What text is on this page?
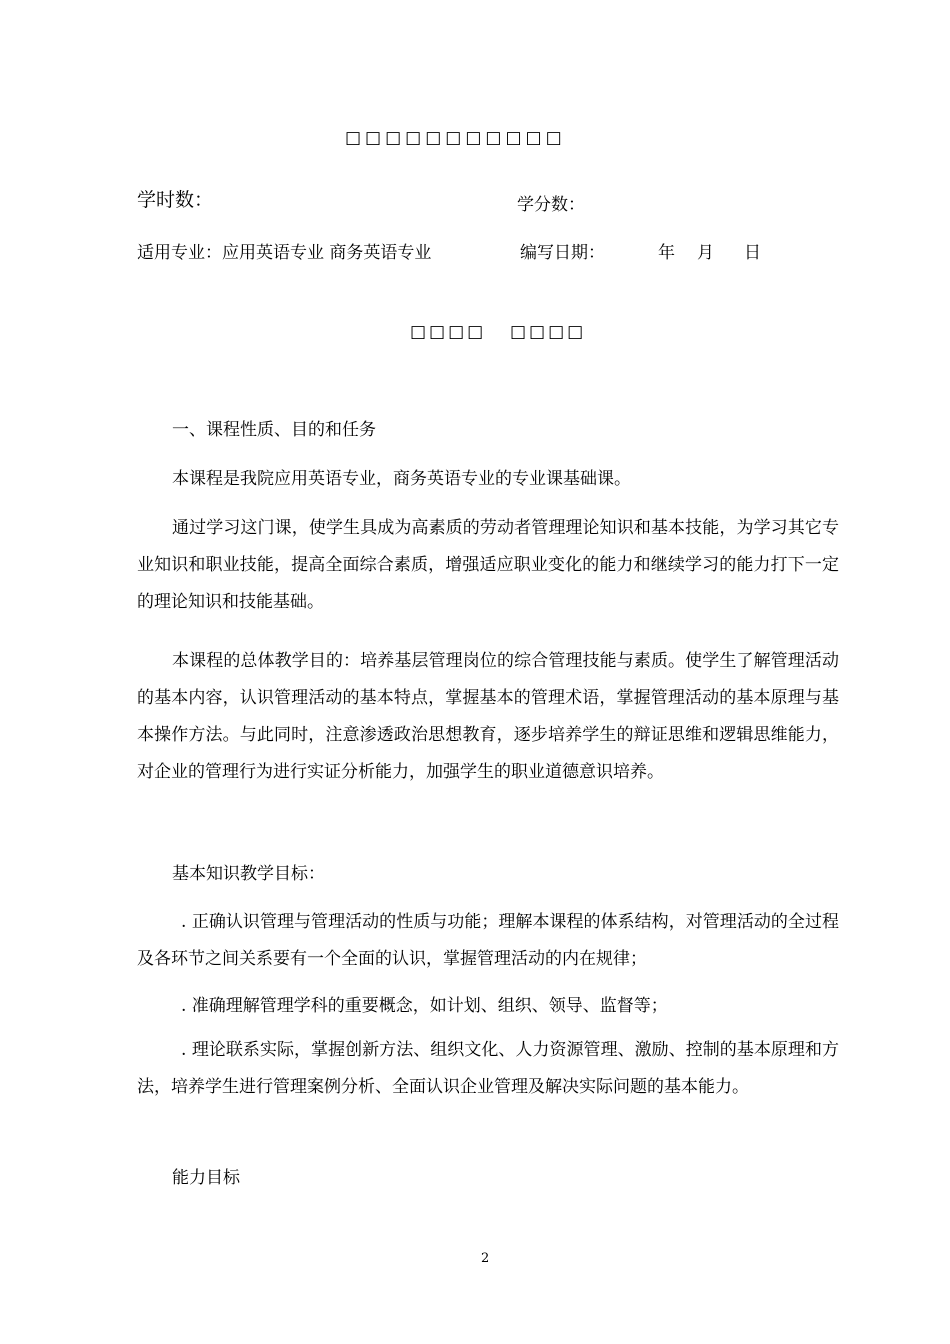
□□□□□□□□□□□
学时数：	学分数：
适用专业：应用英语专业 商务英语专业	编写日期：	年 月 日
□□□□ □□□□

一、课程性质、目的和任务

本课程是我院应用英语专业，商务英语专业的专业课基础课。

通过学习这门课，使学生具成为高素质的劳动者管理理论知识和基本技能，为学习其它专业知识和职业技能，提高全面综合素质，增强适应职业变化的能力和继续学习的能力打下一定的理论知识和技能基础。

本课程的总体教学目的：培养基层管理岗位的综合管理技能与素质。使学生了解管理活动的基本内容，认识管理活动的基本特点，掌握基本的管理术语，掌握管理活动的基本原理与基本操作方法。与此同时，注意渗透政治思想教育，逐步培养学生的辩证思维和逻辑思维能力，对企业的管理行为进行实证分析能力，加强学生的职业道德意识培养。

基本知识教学目标：

. 正确认识管理与管理活动的性质与功能；理解本课程的体系结构，对管理活动的全过程及各环节之间关系要有一个全面的认识，掌握管理活动的内在规律；

. 准确理解管理学科的重要概念，如计划、组织、领导、监督等；

. 理论联系实际，掌握创新方法、组织文化、人力资源管理、激励、控制的基本原理和方法，培养学生进行管理案例分析、全面认识企业管理及解决实际问题的基本能力。

能力目标

2
